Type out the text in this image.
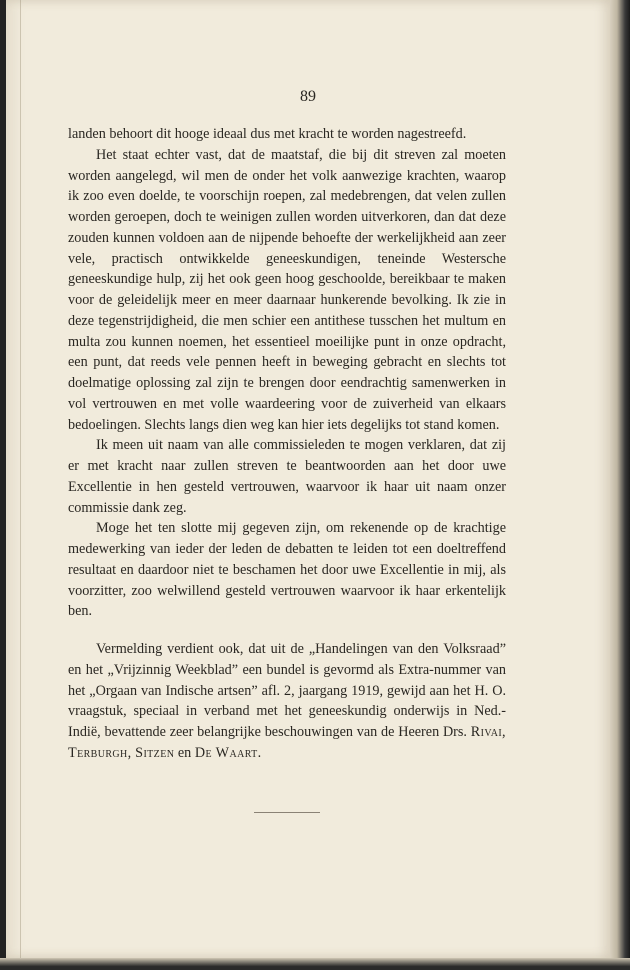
89

landen behoort dit hooge ideaal dus met kracht te worden nagestreefd.

Het staat echter vast, dat de maatstaf, die bij dit streven zal moeten worden aangelegd, wil men de onder het volk aanwezige krachten, waarop ik zoo even doelde, te voorschijn roepen, zal medebrengen, dat velen zullen worden geroepen, doch te weinigen zullen worden uitverkoren, dan dat deze zouden kunnen voldoen aan de nijpende behoefte der werkelijkheid aan zeer vele, practisch ontwikkelde geneeskundigen, teneinde Westersche geneeskundige hulp, zij het ook geen hoog geschoolde, bereikbaar te maken voor de geleidelijk meer en meer daarnaar hunkerende bevolking. Ik zie in deze tegenstrijdigheid, die men schier een antithese tusschen het multum en multa zou kunnen noemen, het essentieel moeilijke punt in onze opdracht, een punt, dat reeds vele pennen heeft in beweging gebracht en slechts tot doelmatige oplossing zal zijn te brengen door eendrachtig samenwerken in vol vertrouwen en met volle waardeering voor de zuiverheid van elkaars bedoelingen. Slechts langs dien weg kan hier iets degelijks tot stand komen.

Ik meen uit naam van alle commissieleden te mogen verklaren, dat zij er met kracht naar zullen streven te beantwoorden aan het door uwe Excellentie in hen gesteld vertrouwen, waarvoor ik haar uit naam onzer commissie dank zeg.

Moge het ten slotte mij gegeven zijn, om rekenende op de krachtige medewerking van ieder der leden de debatten te leiden tot een doeltreffend resultaat en daardoor niet te beschamen het door uwe Excellentie in mij, als voorzitter, zoo welwillend gesteld vertrouwen waarvoor ik haar erkentelijk ben.

Vermelding verdient ook, dat uit de „Handelingen van den Volksraad” en het „Vrijzinnig Weekblad” een bundel is gevormd als Extra-nummer van het „Orgaan van Indische artsen” afl. 2, jaargang 1919, gewijd aan het H. O. vraagstuk, speciaal in verband met het geneeskundig onderwijs in Ned.-Indië, bevattende zeer belangrijke beschouwingen van de Heeren Drs. Rivai, Terburgh, Sitzen en De Waart.
